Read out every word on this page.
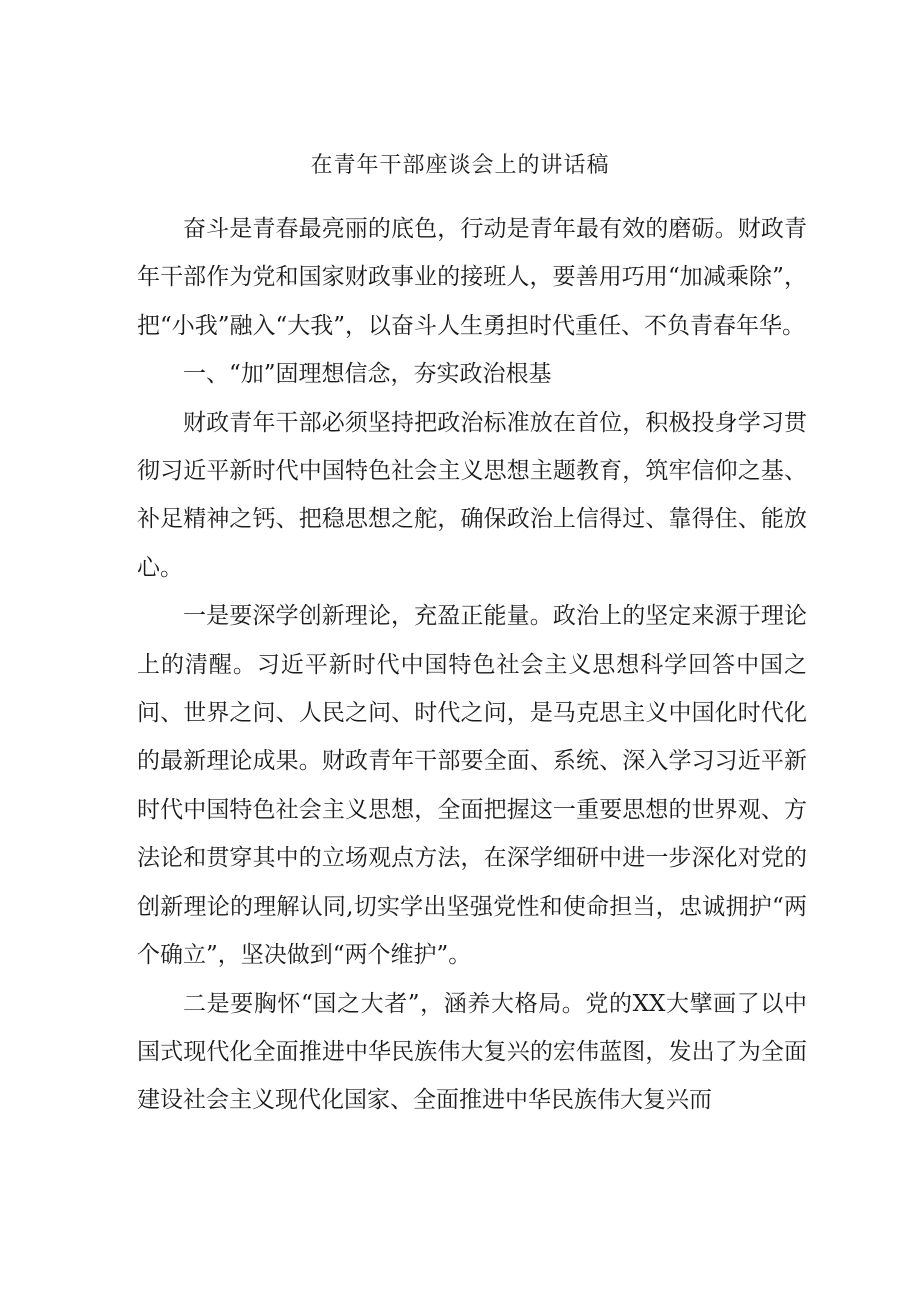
在青年干部座谈会上的讲话稿

奋斗是青春最亮丽的底色，行动是青年最有效的磨砺。财政青年干部作为党和国家财政事业的接班人，要善用巧用“加减乘除”，把“小我”融入“大我”，以奋斗人生勇担时代重任、不负青春年华。

一、“加”固理想信念，夯实政治根基

财政青年干部必须坚持把政治标准放在首位，积极投身学习贯彻习近平新时代中国特色社会主义思想主题教育，筑牢信仰之基、补足精神之钙、把稳思想之舵，确保政治上信得过、靠得住、能放心。

一是要深学创新理论，充盈正能量。政治上的坚定来源于理论上的清醒。习近平新时代中国特色社会主义思想科学回答中国之问、世界之问、人民之问、时代之问，是马克思主义中国化时代化的最新理论成果。财政青年干部要全面、系统、深入学习习近平新时代中国特色社会主义思想，全面把握这一重要思想的世界观、方法论和贯穿其中的立场观点方法，在深学细研中进一步深化对党的创新理论的理解认同,切实学出坚强党性和使命担当，忠诚拥护“两个确立”，坚决做到“两个维护”。

二是要胸怀“国之大者”，涵养大格局。党的XX大擘画了以中国式现代化全面推进中华民族伟大复兴的宏伟蓝图，发出了为全面建设社会主义现代化国家、全面推进中华民族伟大复兴而
